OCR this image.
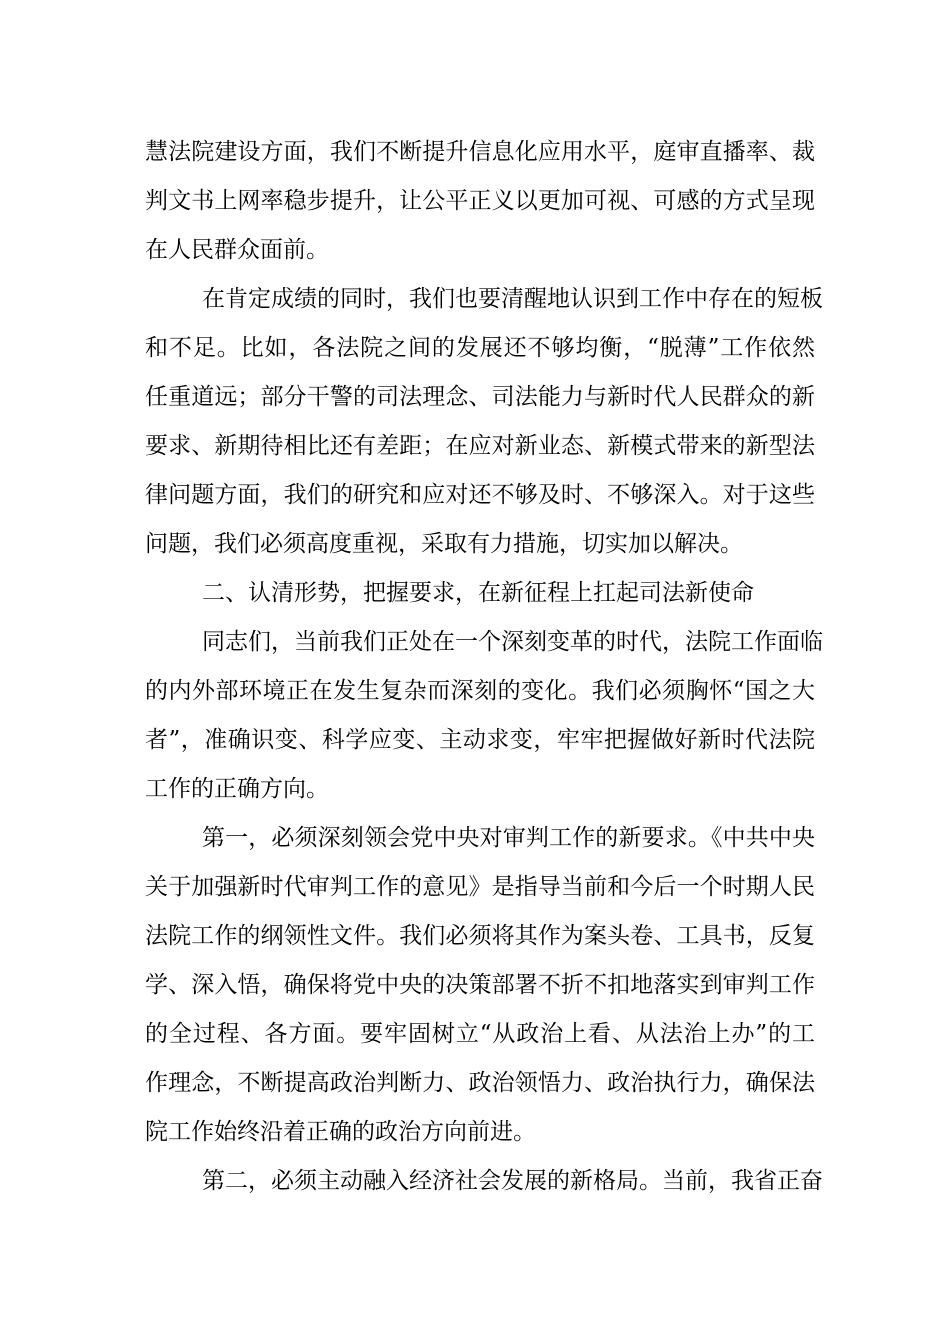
慧法院建设方面，我们不断提升信息化应用水平，庭审直播率、裁
判文书上网率稳步提升，让公平正义以更加可视、可感的方式呈现
在人民群众面前。
在肯定成绩的同时，我们也要清醒地认识到工作中存在的短板
和不足。比如，各法院之间的发展还不够均衡，“脱薄”工作依然
任重道远；部分干警的司法理念、司法能力与新时代人民群众的新
要求、新期待相比还有差距；在应对新业态、新模式带来的新型法
律问题方面，我们的研究和应对还不够及时、不够深入。对于这些
问题，我们必须高度重视，采取有力措施，切实加以解决。
二、认清形势，把握要求，在新征程上扛起司法新使命
同志们，当前我们正处在一个深刻变革的时代，法院工作面临
的内外部环境正在发生复杂而深刻的变化。我们必须胸怀“国之大
者”，准确识变、科学应变、主动求变，牢牢把握做好新时代法院
工作的正确方向。
第一，必须深刻领会党中央对审判工作的新要求。《中共中央
关于加强新时代审判工作的意见》是指导当前和今后一个时期人民
法院工作的纲领性文件。我们必须将其作为案头卷、工具书，反复
学、深入悟，确保将党中央的决策部署不折不扣地落实到审判工作
的全过程、各方面。要牢固树立“从政治上看、从法治上办”的工
作理念，不断提高政治判断力、政治领悟力、政治执行力，确保法
院工作始终沿着正确的政治方向前进。
第二，必须主动融入经济社会发展的新格局。当前，我省正奋
